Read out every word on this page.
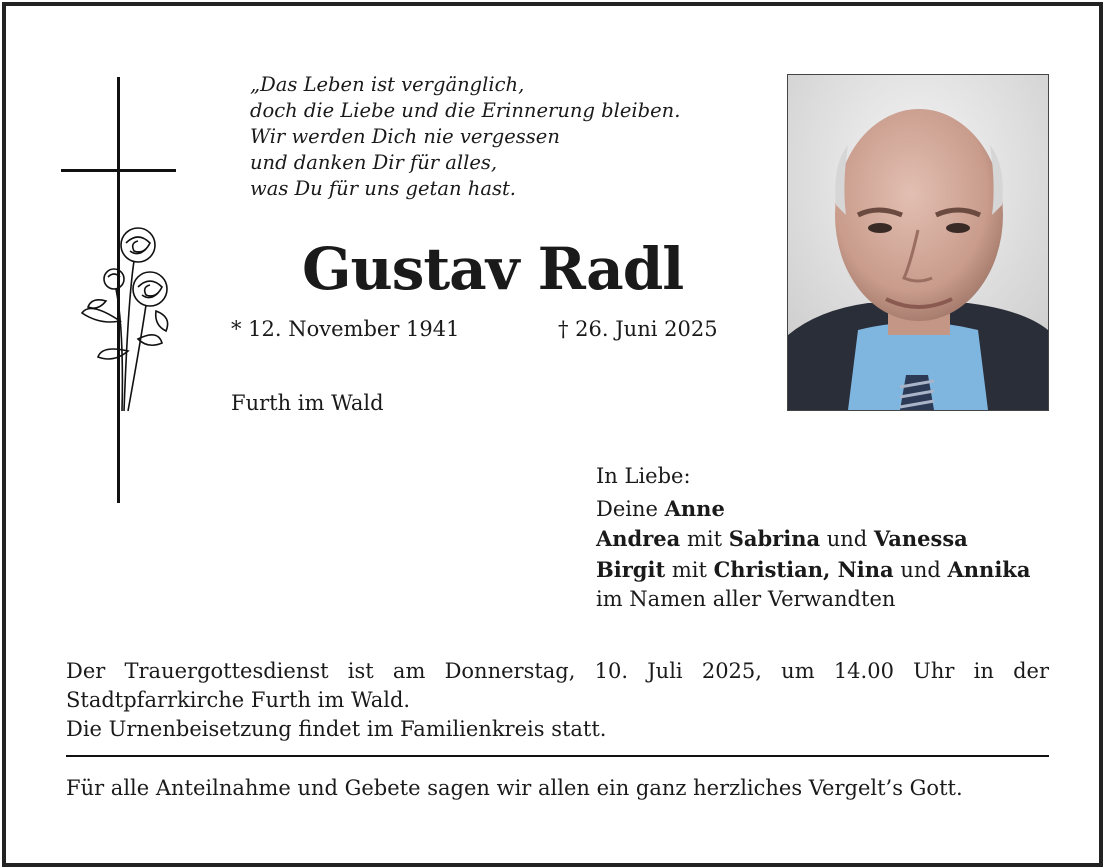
„Das Leben ist vergänglich,
doch die Liebe und die Erinnerung bleiben.
Wir werden Dich nie vergessen
und danken Dir für alles,
was Du für uns getan hast.
Gustav Radl
* 12. November 1941	† 26. Juni 2025
Furth im Wald
In Liebe:
Deine Anne
Andrea mit Sabrina und Vanessa
Birgit mit Christian, Nina und Annika
im Namen aller Verwandten
Der Trauergottesdienst ist am Donnerstag, 10. Juli 2025, um 14.00 Uhr in der
Stadtpfarrkirche Furth im Wald.
Die Urnenbeisetzung findet im Familienkreis statt.
Für alle Anteilnahme und Gebete sagen wir allen ein ganz herzliches Vergelt’s Gott.
